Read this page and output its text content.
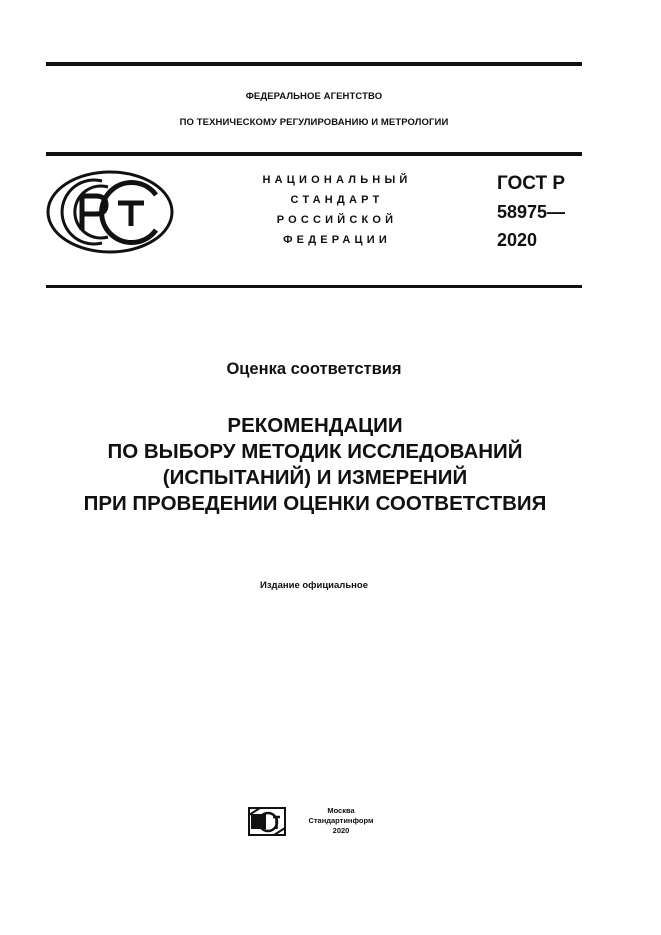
ФЕДЕРАЛЬНОЕ АГЕНТСТВО
ПО ТЕХНИЧЕСКОМУ РЕГУЛИРОВАНИЮ И МЕТРОЛОГИИ
НАЦИОНАЛЬНЫЙ
СТАНДАРТ
РОССИЙСКОЙ
ФЕДЕРАЦИИ
ГОСТ Р
58975—
2020
Оценка соответствия
РЕКОМЕНДАЦИИ
ПО ВЫБОРУ МЕТОДИК ИССЛЕДОВАНИЙ
(ИСПЫТАНИЙ) И ИЗМЕРЕНИЙ
ПРИ ПРОВЕДЕНИИ ОЦЕНКИ СООТВЕТСТВИЯ
Издание официальное
Москва
Стандартинформ
2020
